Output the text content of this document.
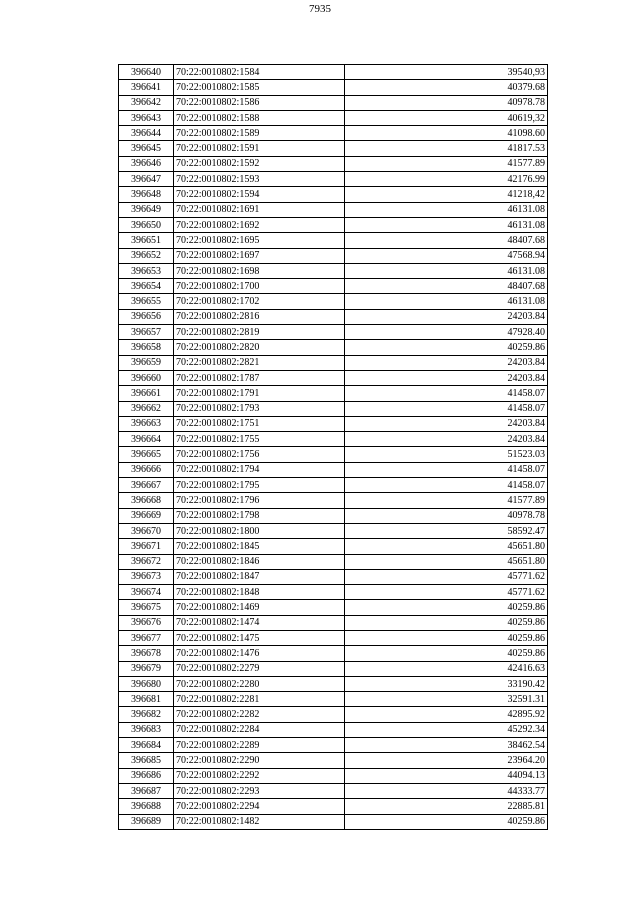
7935
396640	70:22:0010802:1584	39540,93
396641	70:22:0010802:1585	40379.68
396642	70:22:0010802:1586	40978.78
396643	70:22:0010802:1588	40619,32
396644	70:22:0010802:1589	41098.60
396645	70:22:0010802:1591	41817.53
396646	70:22:0010802:1592	41577.89
396647	70:22:0010802:1593	42176.99
396648	70:22:0010802:1594	41218,42
396649	70:22:0010802:1691	46131.08
396650	70:22:0010802:1692	46131.08
396651	70:22:0010802:1695	48407.68
396652	70:22:0010802:1697	47568.94
396653	70:22:0010802:1698	46131.08
396654	70:22:0010802:1700	48407.68
396655	70:22:0010802:1702	46131.08
396656	70:22:0010802:2816	24203.84
396657	70:22:0010802:2819	47928.40
396658	70:22:0010802:2820	40259.86
396659	70:22:0010802:2821	24203.84
396660	70:22:0010802:1787	24203.84
396661	70:22:0010802:1791	41458.07
396662	70:22:0010802:1793	41458.07
396663	70:22:0010802:1751	24203.84
396664	70:22:0010802:1755	24203.84
396665	70:22:0010802:1756	51523.03
396666	70:22:0010802:1794	41458.07
396667	70:22:0010802:1795	41458.07
396668	70:22:0010802:1796	41577.89
396669	70:22:0010802:1798	40978.78
396670	70:22:0010802:1800	58592.47
396671	70:22:0010802:1845	45651.80
396672	70:22:0010802:1846	45651.80
396673	70:22:0010802:1847	45771.62
396674	70:22:0010802:1848	45771.62
396675	70:22:0010802:1469	40259.86
396676	70:22:0010802:1474	40259.86
396677	70:22:0010802:1475	40259.86
396678	70:22:0010802:1476	40259.86
396679	70:22:0010802:2279	42416.63
396680	70:22:0010802:2280	33190.42
396681	70:22:0010802:2281	32591.31
396682	70:22:0010802:2282	42895.92
396683	70:22:0010802:2284	45292.34
396684	70:22:0010802:2289	38462.54
396685	70:22:0010802:2290	23964.20
396686	70:22:0010802:2292	44094.13
396687	70:22:0010802:2293	44333.77
396688	70:22:0010802:2294	22885.81
396689	70:22:0010802:1482	40259.86
